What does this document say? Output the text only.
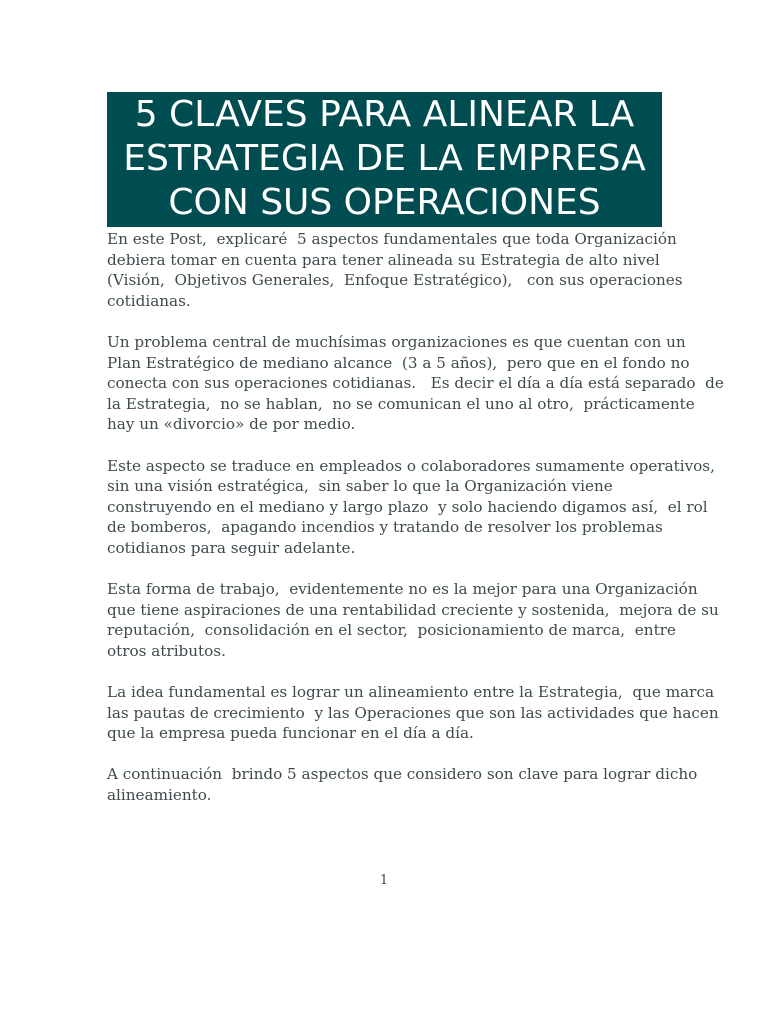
5 CLAVES PARA ALINEAR LA
ESTRATEGIA DE LA EMPRESA
CON SUS OPERACIONES

En este Post,  explicaré  5 aspectos fundamentales que toda Organización
debiera tomar en cuenta para tener alineada su Estrategia de alto nivel
(Visión,  Objetivos Generales,  Enfoque Estratégico),   con sus operaciones
cotidianas.

Un problema central de muchísimas organizaciones es que cuentan con un
Plan Estratégico de mediano alcance  (3 a 5 años),  pero que en el fondo no
conecta con sus operaciones cotidianas.   Es decir el día a día está separado  de
la Estrategia,  no se hablan,  no se comunican el uno al otro,  prácticamente
hay un «divorcio» de por medio.

Este aspecto se traduce en empleados o colaboradores sumamente operativos,
sin una visión estratégica,  sin saber lo que la Organización viene
construyendo en el mediano y largo plazo  y solo haciendo digamos así,  el rol
de bomberos,  apagando incendios y tratando de resolver los problemas
cotidianos para seguir adelante.

Esta forma de trabajo,  evidentemente no es la mejor para una Organización
que tiene aspiraciones de una rentabilidad creciente y sostenida,  mejora de su
reputación,  consolidación en el sector,  posicionamiento de marca,  entre
otros atributos.

La idea fundamental es lograr un alineamiento entre la Estrategia,  que marca
las pautas de crecimiento  y las Operaciones que son las actividades que hacen
que la empresa pueda funcionar en el día a día.

A continuación  brindo 5 aspectos que considero son clave para lograr dicho
alineamiento.

1
